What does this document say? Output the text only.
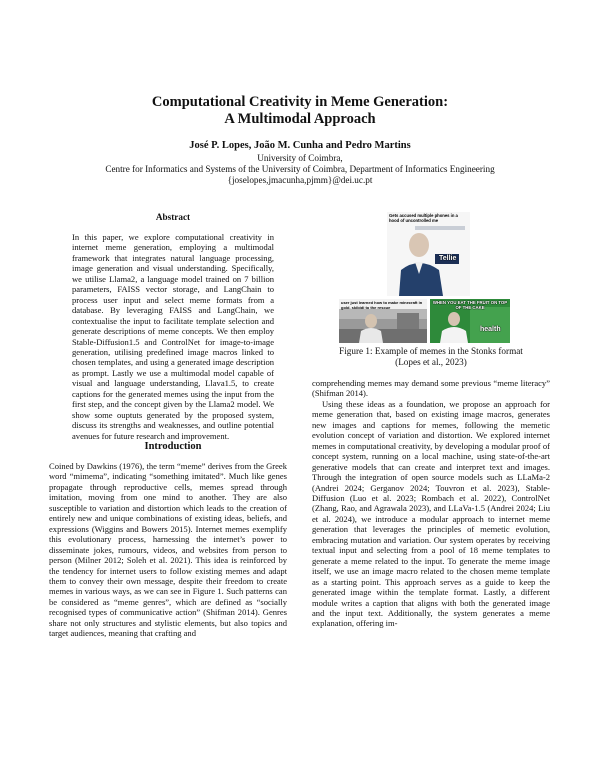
Computational Creativity in Meme Generation:
A Multimodal Approach
José P. Lopes, João M. Cunha and Pedro Martins
University of Coimbra,
Centre for Informatics and Systems of the University of Coimbra, Department of Informatics Engineering
{joselopes,jmacunha,pjmm}@dei.uc.pt
Abstract

In this paper, we explore computational creativity in internet meme generation, employing a multimodal framework that integrates natural language processing, image generation and visual understanding. Specifically, we utilise Llama2, a language model trained on 7 billion parameters, FAISS vector storage, and LangChain to process user input and select meme formats from a database. By leveraging FAISS and LangChain, we contextualise the input to facilitate template selection and generate descriptions of meme concepts. We then employ Stable-Diffusion1.5 and ControlNet for image-to-image generation, utilising predefined image macros linked to chosen templates, and using a generated image description as prompt. Lastly we use a multimodal model capable of visual and language understanding, Llava1.5, to create captions for the generated memes using the input from the first step, and the concept given by the Llama2 model. We show some ouptuts generated by the proposed system, discuss its strengths and weaknesses, and outline potential avenues for future research and improvement.

Introduction

Coined by Dawkins (1976), the term “meme” derives from the Greek word “mimema”, indicating “something imitated”. Much like genes propagate through reproductive cells, memes spread through imitation, moving from one mind to another. They are also susceptible to variation and distortion which leads to the creation of entirely new and unique combinations of existing ideas, beliefs, and expressions (Wiggins and Bowers 2015). Internet memes exemplify this evolutionary process, harnessing the internet’s power to disseminate jokes, rumours, videos, and websites from person to person (Milner 2012; Soleh et al. 2021). This idea is reinforced by the tendency for internet users to follow existing memes and adapt them to convey their own message, despite their freedom to create memes in various ways, as we can see in Figure 1. Such patterns can be considered as “meme genres”, which are defined as “socially recognised types of communicative action” (Shifman 2014). Genres share not only structures and stylistic elements, but also topics and target audiences, meaning that crafting and

Gets accused multiple phones in a hood of uncontrolled me
Tellie
user just learned how to make minecraft in gold. skibidi to the rescue
WHEN YOU EAT THE FRUIT ON TOP OF THE CAKE
health
Figure 1: Example of memes in the Stonks format
(Lopes et al., 2023)

comprehending memes may demand some previous “meme literacy” (Shifman 2014).

Using these ideas as a foundation, we propose an approach for meme generation that, based on existing image macros, generates new images and captions for memes, following the memetic evolution concept of variation and distortion. We explored internet memes in computational creativity, by developing a modular proof of concept system, running on a local machine, using state-of-the-art generative models that can create and interpret text and images. Through the integration of open source models such as LLaMa-2 (Andrei 2024; Gerganov 2024; Touvron et al. 2023), Stable-Diffusion (Luo et al. 2023; Rombach et al. 2022), ControlNet (Zhang, Rao, and Agrawala 2023), and LLaVa-1.5 (Andrei 2024; Liu et al. 2024), we introduce a modular approach to internet meme generation that leverages the principles of memetic evolution, embracing mutation and variation. Our system operates by receiving textual input and selecting from a pool of 18 meme templates to generate a meme related to the input. To generate the meme image itself, we use an image macro related to the chosen meme template as a starting point. This approach serves as a guide to keep the generated image within the template format. Lastly, a different module writes a caption that aligns with both the generated image and the input text. Additionally, the system generates a meme explanation, offering im-
